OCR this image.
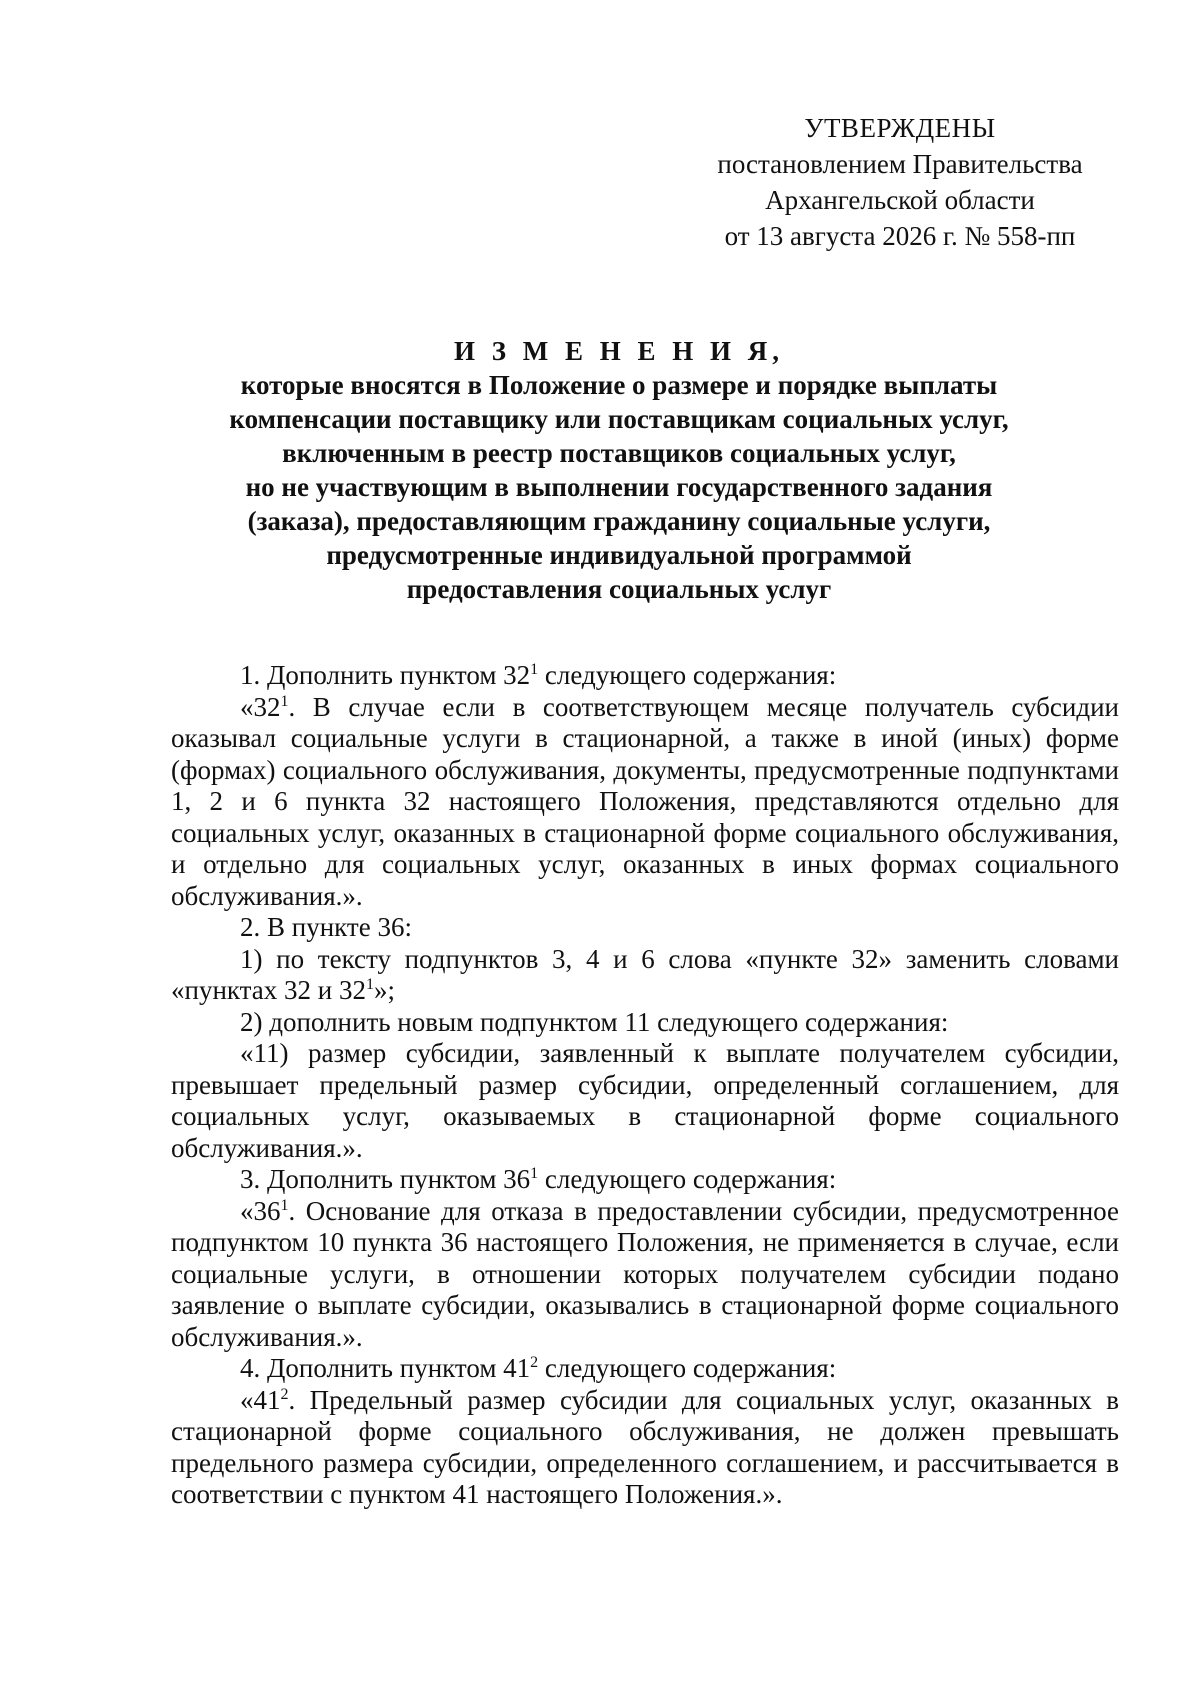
УТВЕРЖДЕНЫ
постановлением Правительства
Архангельской области
от 13 августа 2026 г. № 558-пп
И З М Е Н Е Н И Я,
которые вносятся в Положение о размере и порядке выплаты
компенсации поставщику или поставщикам социальных услуг,
включенным в реестр поставщиков социальных услуг,
но не участвующим в выполнении государственного задания
(заказа), предоставляющим гражданину социальные услуги,
предусмотренные индивидуальной программой
предоставления социальных услуг

1. Дополнить пунктом $32^1$ следующего содержания:

«$32^1$. В случае если в соответствующем месяце получатель субсидии оказывал социальные услуги в стационарной, а также в иной (иных) форме (формах) социального обслуживания, документы, предусмотренные подпунктами 1, 2 и 6 пункта 32 настоящего Положения, представляются отдельно для социальных услуг, оказанных в стационарной форме социального обслуживания, и отдельно для социальных услуг, оказанных в иных формах социального обслуживания.».

2. В пункте 36:

1) по тексту подпунктов 3, 4 и 6 слова «пункте 32» заменить словами «пунктах 32 и $32^1$»;

2) дополнить новым подпунктом 11 следующего содержания:

«11) размер субсидии, заявленный к выплате получателем субсидии, превышает предельный размер субсидии, определенный соглашением, для социальных услуг, оказываемых в стационарной форме социального обслуживания.».

3. Дополнить пунктом $36^1$ следующего содержания:

«$36^1$. Основание для отказа в предоставлении субсидии, предусмотренное подпунктом 10 пункта 36 настоящего Положения, не применяется в случае, если социальные услуги, в отношении которых получателем субсидии подано заявление о выплате субсидии, оказывались в стационарной форме социального обслуживания.».

4. Дополнить пунктом $41^2$ следующего содержания:

«$41^2$. Предельный размер субсидии для социальных услуг, оказанных в стационарной форме социального обслуживания, не должен превышать предельного размера субсидии, определенного соглашением, и рассчитывается в соответствии с пунктом 41 настоящего Положения.».
